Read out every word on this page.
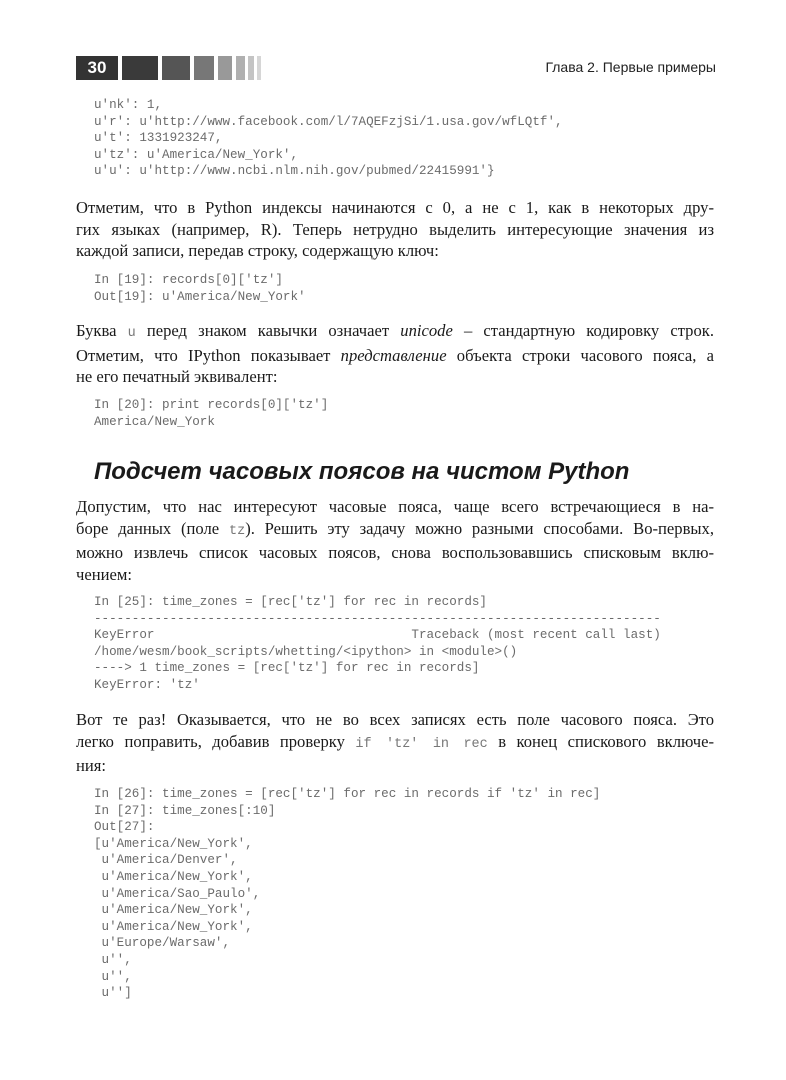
30	Глава 2. Первые примеры
u'nk': 1,
u'r': u'http://www.facebook.com/l/7AQEFzjSi/1.usa.gov/wfLQtf',
u't': 1331923247,
u'tz': u'America/New_York',
u'u': u'http://www.ncbi.nlm.nih.gov/pubmed/22415991'}
Отметим, что в Python индексы начинаются с 0, а не с 1, как в некоторых дру-
гих языках (например, R). Теперь нетрудно выделить интересующие значения из
каждой записи, передав строку, содержащую ключ:
In [19]: records[0]['tz']
Out[19]: u'America/New_York'
Буква u перед знаком кавычки означает unicode – стандартную кодировку строк.
Отметим, что IPython показывает представление объекта строки часового пояса, а
не его печатный эквивалент:
In [20]: print records[0]['tz']
America/New_York
Подсчет часовых поясов на чистом Python
Допустим, что нас интересуют часовые пояса, чаще всего встречающиеся в на-
боре данных (поле tz). Решить эту задачу можно разными способами. Во-первых,
можно извлечь список часовых поясов, снова воспользовавшись списковым вклю-
чением:
In [25]: time_zones = [rec['tz'] for rec in records]
---------------------------------------------------------------------------
KeyError                                  Traceback (most recent call last)
/home/wesm/book_scripts/whetting/<ipython> in <module>()
----> 1 time_zones = [rec['tz'] for rec in records]
KeyError: 'tz'
Вот те раз! Оказывается, что не во всех записях есть поле часового пояса. Это
легко поправить, добавив проверку if 'tz' in rec в конец спискового включе-
ния:
In [26]: time_zones = [rec['tz'] for rec in records if 'tz' in rec]
In [27]: time_zones[:10]
Out[27]:
[u'America/New_York',
u'America/Denver',
u'America/New_York',
u'America/Sao_Paulo',
u'America/New_York',
u'America/New_York',
u'Europe/Warsaw',
u'',
u'',
u'']
